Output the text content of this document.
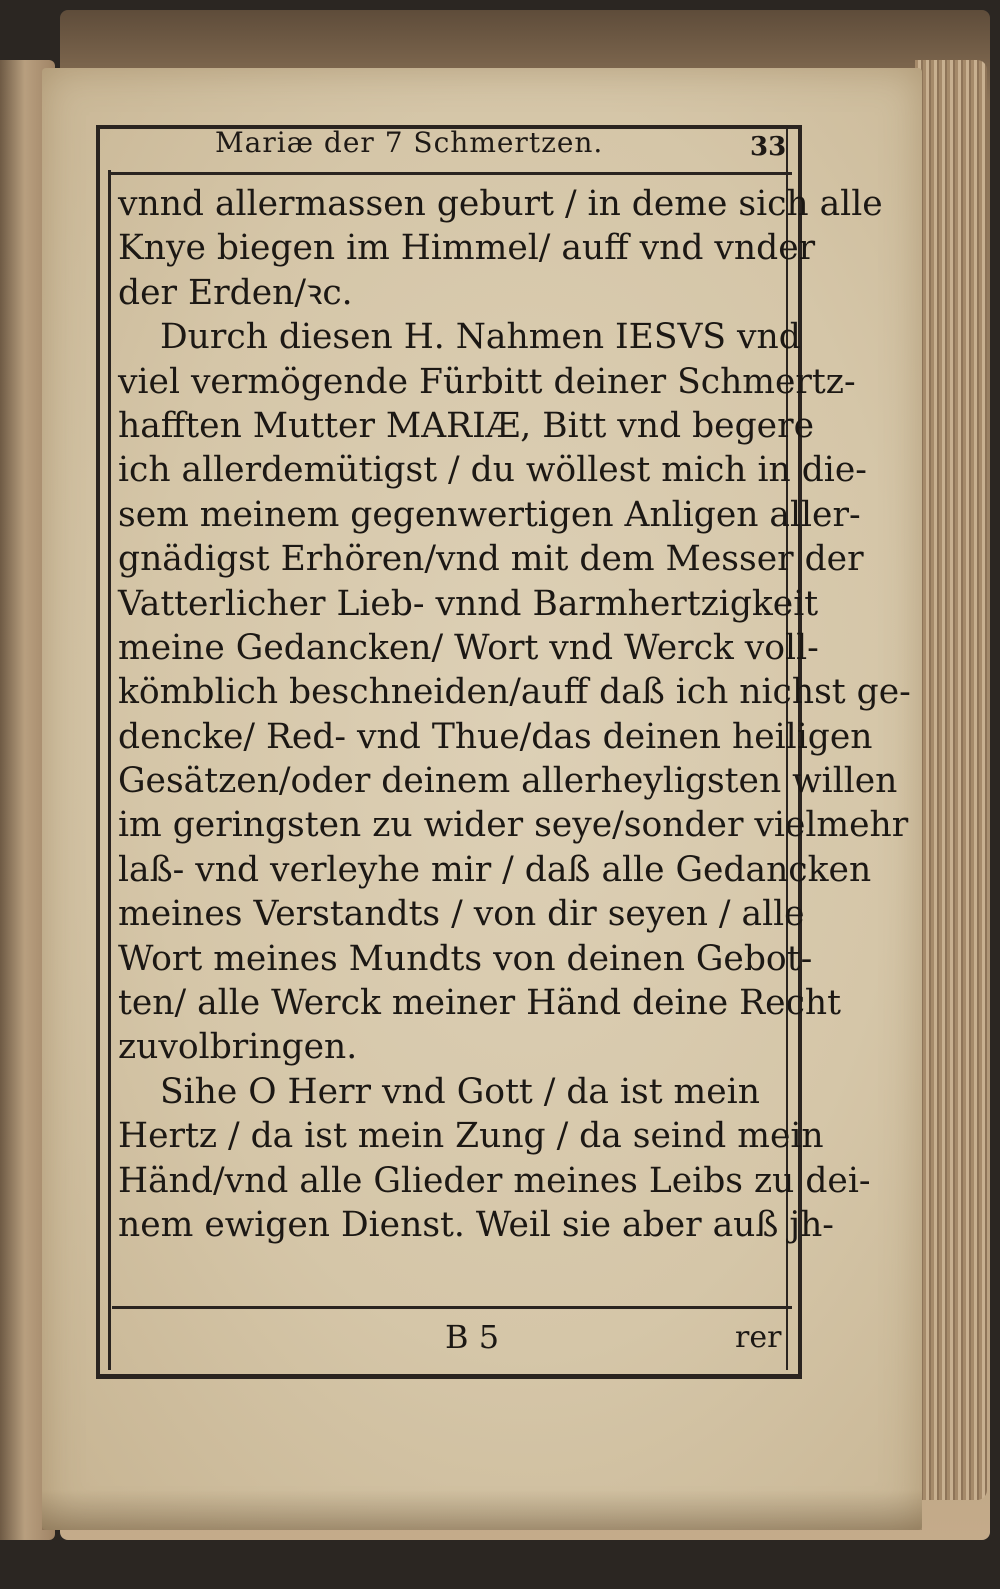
Mariæ der 7 Schmertzen.	33
vnnd allermassen geburt / in deme sich alle
Knye biegen im Himmel/ auff vnd vnder
der Erden/ꝛc.
Durch diesen H. Nahmen IESVS vnd
viel vermögende Fürbitt deiner Schmertz-
hafften Mutter MARIÆ, Bitt vnd begere
ich allerdemütigst / du wöllest mich in die-
sem meinem gegenwertigen Anligen aller-
gnädigst Erhören/vnd mit dem Messer der
Vatterlicher Lieb- vnnd Barmhertzigkeit
meine Gedancken/ Wort vnd Werck voll-
kömblich beschneiden/auff daß ich nichst ge-
dencke/ Red- vnd Thue/das deinen heiligen
Gesätzen/oder deinem allerheyligsten willen
im geringsten zu wider seye/sonder vielmehr
laß- vnd verleyhe mir / daß alle Gedancken
meines Verstandts / von dir seyen / alle
Wort meines Mundts von deinen Gebot-
ten/ alle Werck meiner Händ deine Recht
zuvolbringen.
Sihe O Herr vnd Gott / da ist mein
Hertz / da ist mein Zung / da seind mein
Händ/vnd alle Glieder meines Leibs zu dei-
nem ewigen Dienst. Weil sie aber auß jh-
B 5	rer
